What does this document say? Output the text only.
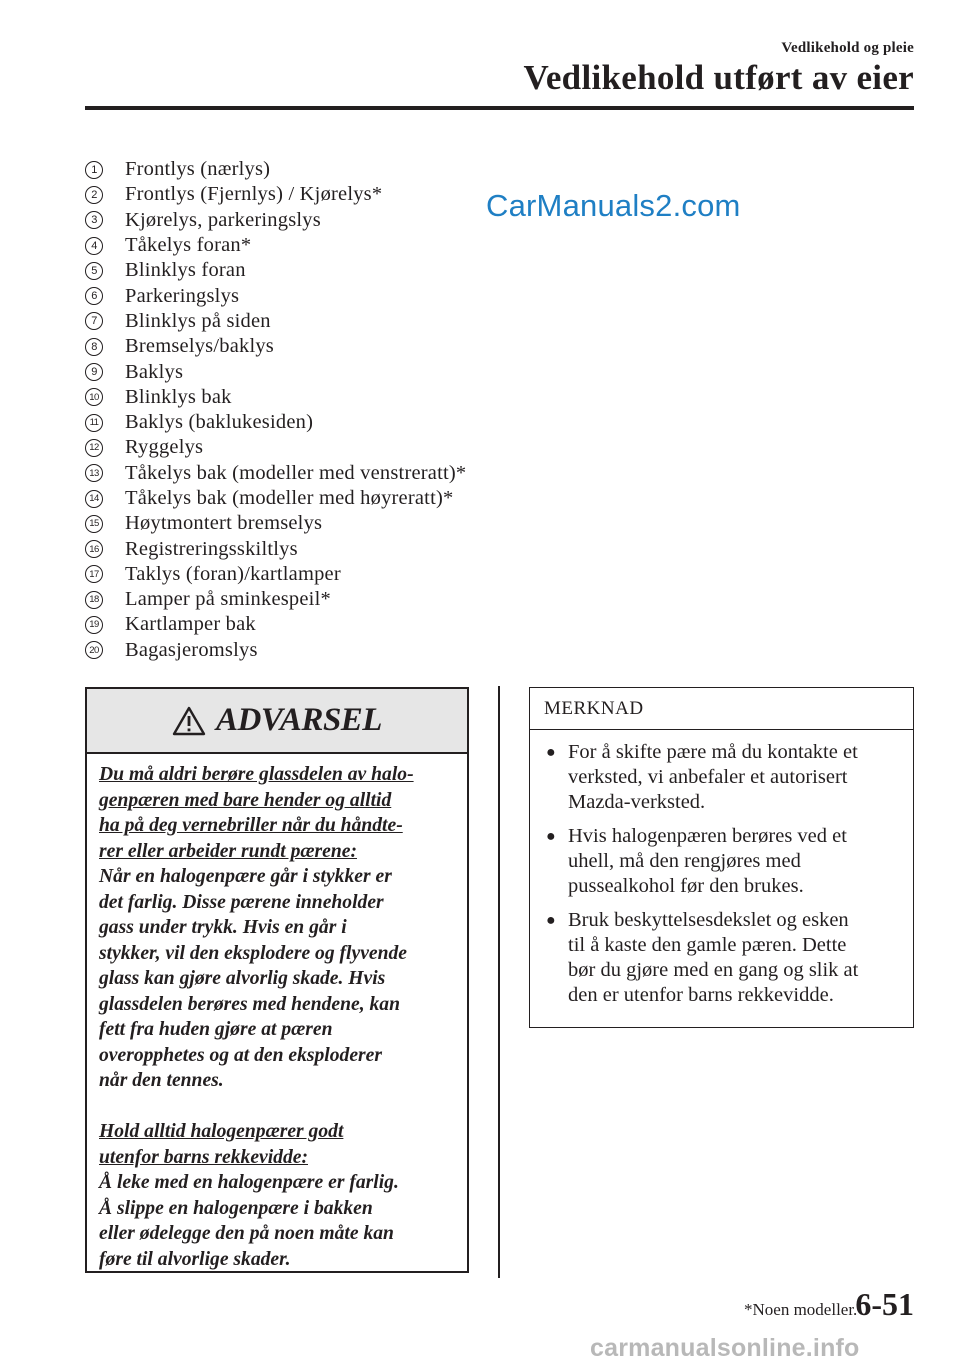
Vedlikehold og pleie
Vedlikehold utført av eier
CarManuals2.com
1	Frontlys (nærlys)
2	Frontlys (Fjernlys) / Kjørelys*
3	Kjørelys, parkeringslys
4	Tåkelys foran*
5	Blinklys foran
6	Parkeringslys
7	Blinklys på siden
8	Bremselys/baklys
9	Baklys
10 Blinklys bak
11 Baklys (baklukesiden)
12 Ryggelys
13 Tåkelys bak (modeller med venstreratt)*
14 Tåkelys bak (modeller med høyreratt)*
15 Høytmontert bremselys
16 Registreringsskiltlys
17 Taklys (foran)/kartlamper
18 Lamper på sminkespeil*
19 Kartlamper bak
20 Bagasjeromslys
ADVARSEL

Du må aldri berøre glassdelen av halo-

genpæren med bare hender og alltid

ha på deg vernebriller når du håndte-

rer eller arbeider rundt pærene:

Når en halogenpære går i stykker er

det farlig. Disse pærene inneholder

gass under trykk. Hvis en går i

stykker, vil den eksplodere og flyvende

glass kan gjøre alvorlig skade. Hvis

glassdelen berøres med hendene, kan

fett fra huden gjøre at pæren

overopphetes og at den eksploderer

når den tennes.

Hold alltid halogenpærer godt

utenfor barns rekkevidde:

Å leke med en halogenpære er farlig.

Å slippe en halogenpære i bakken

eller ødelegge den på noen måte kan

føre til alvorlige skader.

MERKNAD
● For å skifte pære må du kontakte et
verksted, vi anbefaler et autorisert
Mazda-verksted.
● Hvis halogenpæren berøres ved et
uhell, må den rengjøres med
pussealkohol før den brukes.
● Bruk beskyttelsesdekslet og esken
til å kaste den gamle pæren. Dette
bør du gjøre med en gang og slik at
den er utenfor barns rekkevidde.
*Noen modeller.
6-51
carmanualsonline.info
